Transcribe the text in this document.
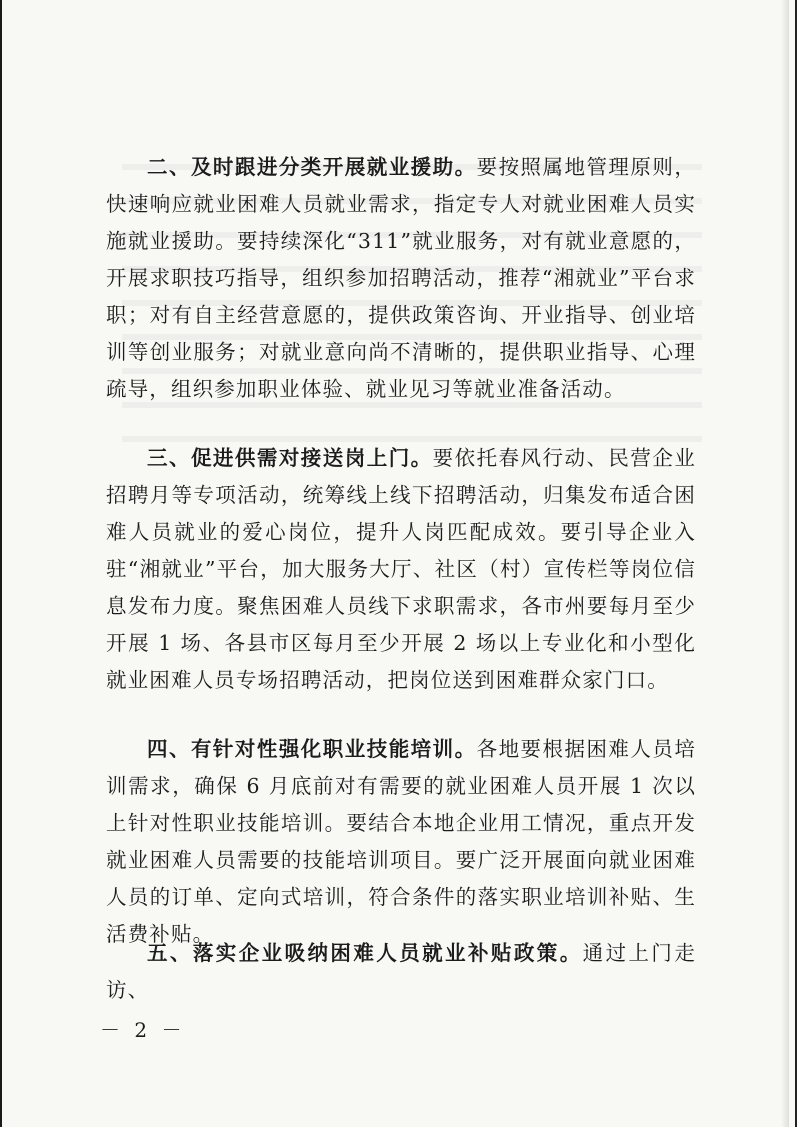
二、及时跟进分类开展就业援助。要按照属地管理原则，快速响应就业困难人员就业需求，指定专人对就业困难人员实施就业援助。要持续深化“311”就业服务，对有就业意愿的，开展求职技巧指导，组织参加招聘活动，推荐“湘就业”平台求职；对有自主经营意愿的，提供政策咨询、开业指导、创业培训等创业服务；对就业意向尚不清晰的，提供职业指导、心理疏导，组织参加职业体验、就业见习等就业准备活动。

三、促进供需对接送岗上门。要依托春风行动、民营企业招聘月等专项活动，统筹线上线下招聘活动，归集发布适合困难人员就业的爱心岗位，提升人岗匹配成效。要引导企业入驻“湘就业”平台，加大服务大厅、社区（村）宣传栏等岗位信息发布力度。聚焦困难人员线下求职需求，各市州要每月至少开展 1 场、各县市区每月至少开展 2 场以上专业化和小型化就业困难人员专场招聘活动，把岗位送到困难群众家门口。

四、有针对性强化职业技能培训。各地要根据困难人员培训需求，确保 6 月底前对有需要的就业困难人员开展 1 次以上针对性职业技能培训。要结合本地企业用工情况，重点开发就业困难人员需要的技能培训项目。要广泛开展面向就业困难人员的订单、定向式培训，符合条件的落实职业培训补贴、生活费补贴。

五、落实企业吸纳困难人员就业补贴政策。通过上门走访、

－ 2 －
